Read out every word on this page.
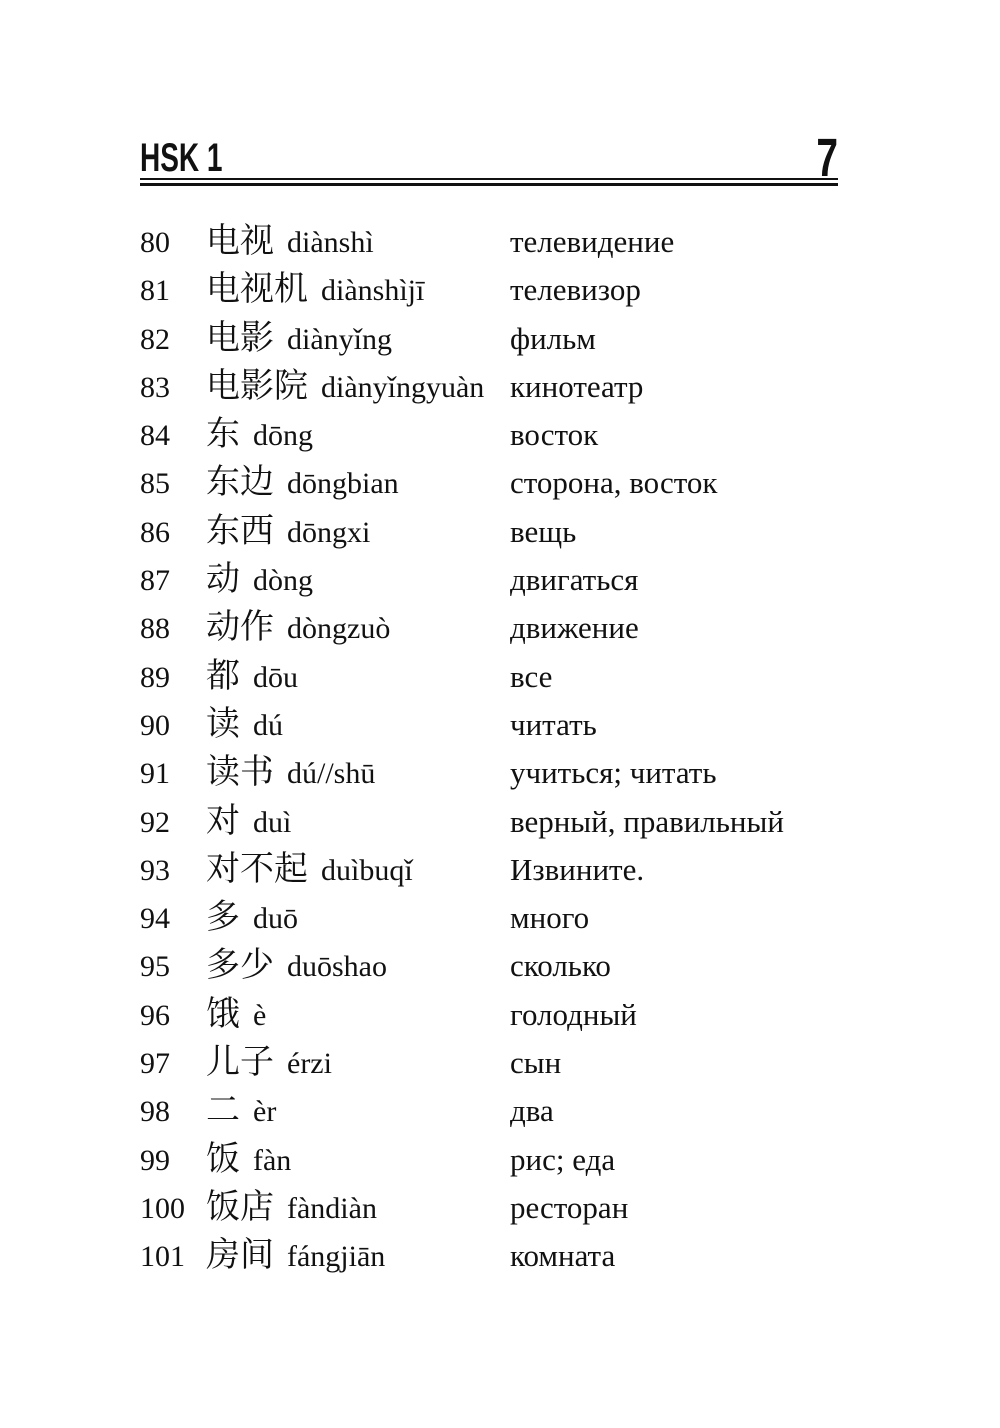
HSK 1	7
80 电视 diànshì	телевидение
81 电视机 diànshìjī	телевизор
82 电影 diànyǐng	фильм
83 电影院 diànyǐngyuàn кинотеатр
84 东 dōng	восток
85 东边 dōngbian	сторона, восток
86 东西 dōngxi	вещь
87 动 dòng	двигаться
88 动作 dòngzuò	движение
89 都 dōu	все
90 读 dú	читать
91 读书 dú//shū	учиться; читать
92 对 duì	верный, правильный
93 对不起 duìbuqǐ	Извините.
94 多 duō	много
95 多少 duōshao	сколько
96 饿 è	голодный
97 儿子 érzi	сын
98 二 èr	два
99 饭 fàn	рис; еда
100 饭店 fàndiàn	ресторан
101 房间 fángjiān	комната
